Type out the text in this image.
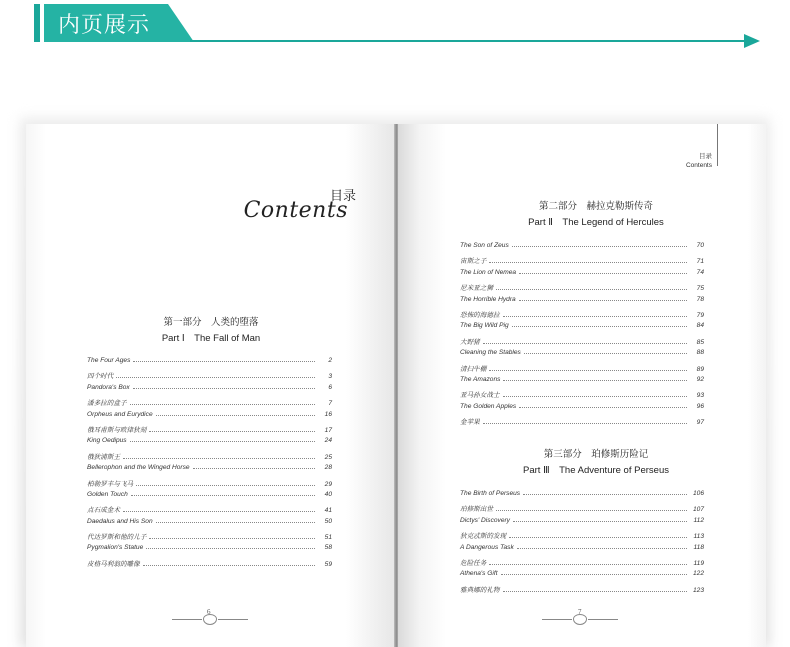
内页展示
目录
Contents
第一部分　人类的堕落
Part Ⅰ　The Fall of Man
The Four Ages	2
四个时代	3
Pandora's Box	6
潘多拉的盒子	7
Orpheus and Eurydice	16
俄耳甫斯与欧律狄刻	17
King Oedipus	24
俄狄浦斯王	25
Bellerophon and the Winged Horse	28
柏勒罗丰与飞马	29
Golden Touch	40
点石成金术	41
Daedalus and His Son	50
代达罗斯和他的儿子	51
Pygmalion's Statue	58
皮格马利翁的雕像	59
6
目录
Contents
第二部分　赫拉克勒斯传奇
Part Ⅱ　The Legend of Hercules
The Son of Zeus	70
宙斯之子	71
The Lion of Nemea	74
尼米亚之狮	75
The Horrible Hydra	78
恐怖的海德拉	79
The Big Wild Pig	84
大野猪	85
Cleaning the Stables	88
清扫牛棚	89
The Amazons	92
亚马孙女战士	93
The Golden Apples	96
金苹果	97
第三部分　珀修斯历险记
Part Ⅲ　The Adventure of Perseus
The Birth of Perseus	106
珀修斯出世	107
Dictys' Discovery	112
狄克忒斯的发现	113
A Dangerous Task	118
危险任务	119
Athena's Gift	122
雅典娜的礼物	123
7
